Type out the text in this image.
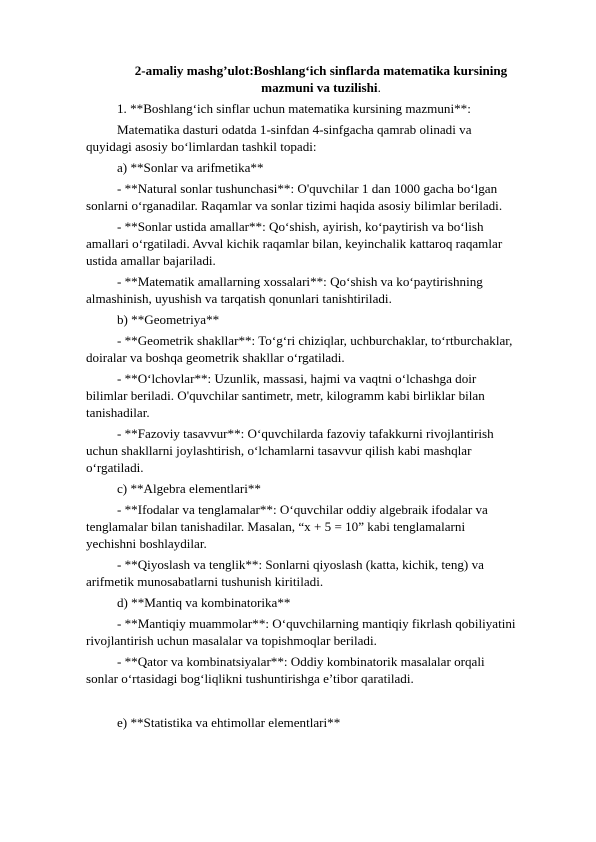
2-amaliy mashg’ulot:Boshlang‘ich sinflarda matematika kursining mazmuni va tuzilishi.

1. **Boshlang‘ich sinflar uchun matematika kursining mazmuni**:

Matematika dasturi odatda 1-sinfdan 4-sinfgacha qamrab olinadi va quyidagi asosiy bo‘limlardan tashkil topadi:

a) **Sonlar va arifmetika**

- **Natural sonlar tushunchasi**: O'quvchilar 1 dan 1000 gacha bo‘lgan sonlarni o‘rganadilar. Raqamlar va sonlar tizimi haqida asosiy bilimlar beriladi.

- **Sonlar ustida amallar**: Qo‘shish, ayirish, ko‘paytirish va bo‘lish amallari o‘rgatiladi. Avval kichik raqamlar bilan, keyinchalik kattaroq raqamlar ustida amallar bajariladi.

- **Matematik amallarning xossalari**: Qo‘shish va ko‘paytirishning almashinish, uyushish va tarqatish qonunlari tanishtiriladi.

b) **Geometriya**

- **Geometrik shakllar**: To‘g‘ri chiziqlar, uchburchaklar, to‘rtburchaklar, doiralar va boshqa geometrik shakllar o‘rgatiladi.

- **O‘lchovlar**: Uzunlik, massasi, hajmi va vaqtni o‘lchashga doir bilimlar beriladi. O'quvchilar santimetr, metr, kilogramm kabi birliklar bilan tanishadilar.

- **Fazoviy tasavvur**: O‘quvchilarda fazoviy tafakkurni rivojlantirish uchun shakllarni joylashtirish, o‘lchamlarni tasavvur qilish kabi mashqlar o‘rgatiladi.

c) **Algebra elementlari**

- **Ifodalar va tenglamalar**: O‘quvchilar oddiy algebraik ifodalar va tenglamalar bilan tanishadilar. Masalan, “x + 5 = 10” kabi tenglamalarni yechishni boshlaydilar.

- **Qiyoslash va tenglik**: Sonlarni qiyoslash (katta, kichik, teng) va arifmetik munosabatlarni tushunish kiritiladi.

d) **Mantiq va kombinatorika**

- **Mantiqiy muammolar**: O‘quvchilarning mantiqiy fikrlash qobiliyatini rivojlantirish uchun masalalar va topishmoqlar beriladi.

- **Qator va kombinatsiyalar**: Oddiy kombinatorik masalalar orqali sonlar o‘rtasidagi bog‘liqlikni tushuntirishga e’tibor qaratiladi.

e) **Statistika va ehtimollar elementlari**
